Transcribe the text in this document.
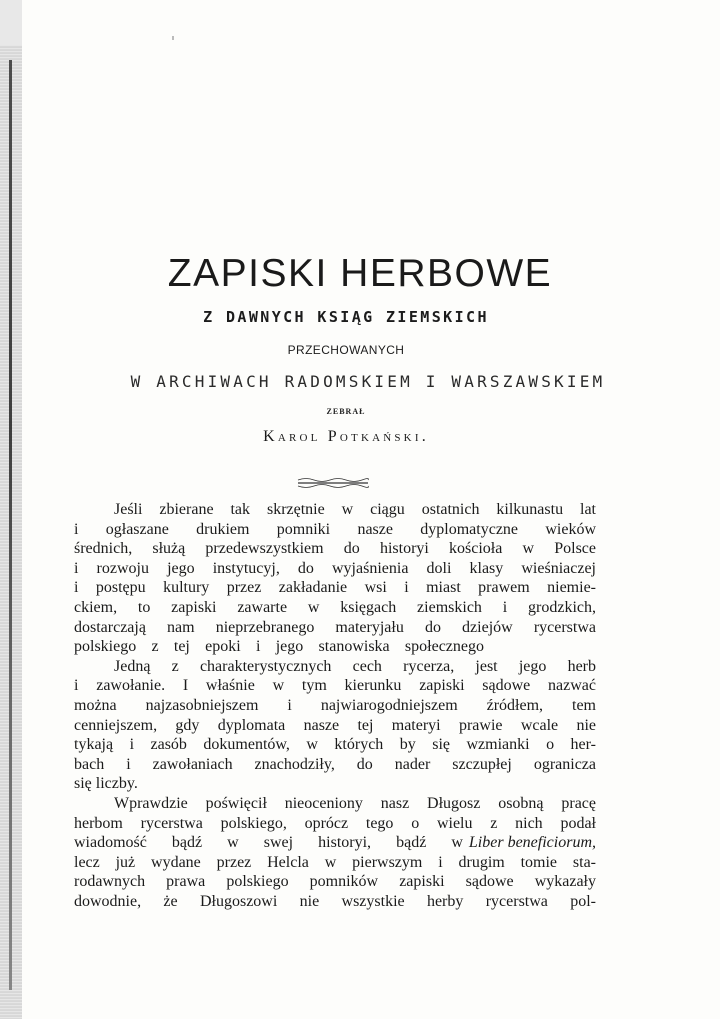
ZAPISKI HERBOWE
Z DAWNYCH KSIĄG ZIEMSKICH
PRZECHOWANYCH
W ARCHIWACH RADOMSKIEM I WARSZAWSKIEM
ZEBRAŁ
Karol Potkański.
Jeśli zbierane tak skrzętnie w ciągu ostatnich kilkunastu lat
i ogłaszane drukiem pomniki nasze dyplomatyczne wieków
średnich, służą przedewszystkiem do historyi kościoła w Polsce
i rozwoju jego instytucyj, do wyjaśnienia doli klasy wieśniaczej
i postępu kultury przez zakładanie wsi i miast prawem niemie-
ckiem, to zapiski zawarte w księgach ziemskich i grodzkich,
dostarczają nam nieprzebranego materyjału do dziejów rycerstwa
polskiego z tej epoki i jego stanowiska społecznego
Jedną z charakterystycznych cech rycerza, jest jego herb
i zawołanie. I właśnie w tym kierunku zapiski sądowe nazwać
można najzasobniejszem i najwiarogodniejszem źródłem, tem
cenniejszem, gdy dyplomata nasze tej materyi prawie wcale nie
tykają i zasób dokumentów, w których by się wzmianki o her-
bach i zawołaniach znachodziły, do nader szczupłej ogranicza
się liczby.
Wprawdzie poświęcił nieoceniony nasz Długosz osobną pracę
herbom rycerstwa polskiego, oprócz tego o wielu z nich podał
wiadomość bądź w swej historyi, bądź w Liber beneficiorum,
lecz już wydane przez Helcla w pierwszym i drugim tomie sta-
rodawnych prawa polskiego pomników zapiski sądowe wykazały
dowodnie, że Długoszowi nie wszystkie herby rycerstwa pol-
